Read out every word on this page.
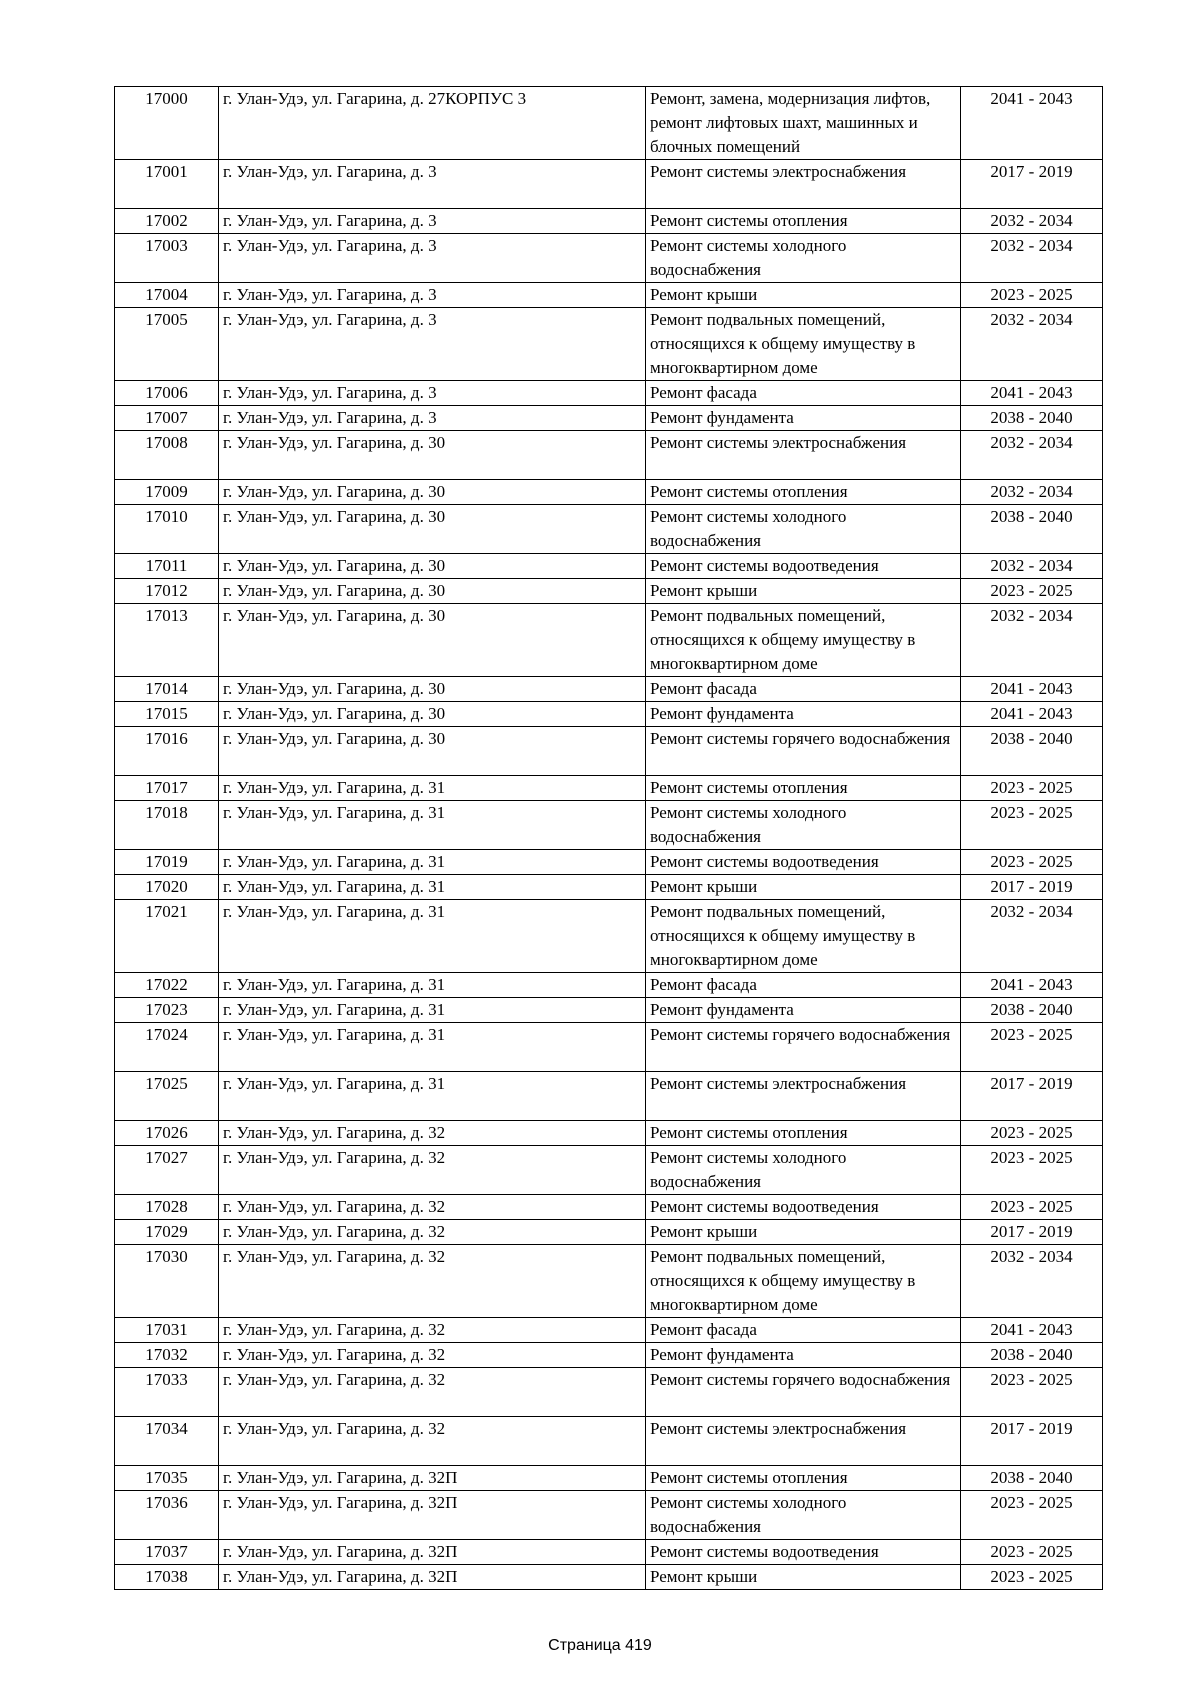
17000	г. Улан-Удэ, ул. Гагарина, д. 27КОРПУС 3	Ремонт, замена, модернизация лифтов, ремонт лифтовых шахт, машинных и блочных помещений	2041 - 2043
17001	г. Улан-Удэ, ул. Гагарина, д. 3	Ремонт системы электроснабжения	2017 - 2019
17002	г. Улан-Удэ, ул. Гагарина, д. 3	Ремонт системы отопления	2032 - 2034
17003	г. Улан-Удэ, ул. Гагарина, д. 3	Ремонт системы холодного водоснабжения	2032 - 2034
17004	г. Улан-Удэ, ул. Гагарина, д. 3	Ремонт крыши	2023 - 2025
17005	г. Улан-Удэ, ул. Гагарина, д. 3	Ремонт подвальных помещений, относящихся к общему имуществу в многоквартирном доме	2032 - 2034
17006	г. Улан-Удэ, ул. Гагарина, д. 3	Ремонт фасада	2041 - 2043
17007	г. Улан-Удэ, ул. Гагарина, д. 3	Ремонт фундамента	2038 - 2040
17008	г. Улан-Удэ, ул. Гагарина, д. 30	Ремонт системы электроснабжения	2032 - 2034
17009	г. Улан-Удэ, ул. Гагарина, д. 30	Ремонт системы отопления	2032 - 2034
17010	г. Улан-Удэ, ул. Гагарина, д. 30	Ремонт системы холодного водоснабжения	2038 - 2040
17011	г. Улан-Удэ, ул. Гагарина, д. 30	Ремонт системы водоотведения	2032 - 2034
17012	г. Улан-Удэ, ул. Гагарина, д. 30	Ремонт крыши	2023 - 2025
17013	г. Улан-Удэ, ул. Гагарина, д. 30	Ремонт подвальных помещений, относящихся к общему имуществу в многоквартирном доме	2032 - 2034
17014	г. Улан-Удэ, ул. Гагарина, д. 30	Ремонт фасада	2041 - 2043
17015	г. Улан-Удэ, ул. Гагарина, д. 30	Ремонт фундамента	2041 - 2043
17016	г. Улан-Удэ, ул. Гагарина, д. 30	Ремонт системы горячего водоснабжения	2038 - 2040
17017	г. Улан-Удэ, ул. Гагарина, д. 31	Ремонт системы отопления	2023 - 2025
17018	г. Улан-Удэ, ул. Гагарина, д. 31	Ремонт системы холодного водоснабжения	2023 - 2025
17019	г. Улан-Удэ, ул. Гагарина, д. 31	Ремонт системы водоотведения	2023 - 2025
17020	г. Улан-Удэ, ул. Гагарина, д. 31	Ремонт крыши	2017 - 2019
17021	г. Улан-Удэ, ул. Гагарина, д. 31	Ремонт подвальных помещений, относящихся к общему имуществу в многоквартирном доме	2032 - 2034
17022	г. Улан-Удэ, ул. Гагарина, д. 31	Ремонт фасада	2041 - 2043
17023	г. Улан-Удэ, ул. Гагарина, д. 31	Ремонт фундамента	2038 - 2040
17024	г. Улан-Удэ, ул. Гагарина, д. 31	Ремонт системы горячего водоснабжения	2023 - 2025
17025	г. Улан-Удэ, ул. Гагарина, д. 31	Ремонт системы электроснабжения	2017 - 2019
17026	г. Улан-Удэ, ул. Гагарина, д. 32	Ремонт системы отопления	2023 - 2025
17027	г. Улан-Удэ, ул. Гагарина, д. 32	Ремонт системы холодного водоснабжения	2023 - 2025
17028	г. Улан-Удэ, ул. Гагарина, д. 32	Ремонт системы водоотведения	2023 - 2025
17029	г. Улан-Удэ, ул. Гагарина, д. 32	Ремонт крыши	2017 - 2019
17030	г. Улан-Удэ, ул. Гагарина, д. 32	Ремонт подвальных помещений, относящихся к общему имуществу в многоквартирном доме	2032 - 2034
17031	г. Улан-Удэ, ул. Гагарина, д. 32	Ремонт фасада	2041 - 2043
17032	г. Улан-Удэ, ул. Гагарина, д. 32	Ремонт фундамента	2038 - 2040
17033	г. Улан-Удэ, ул. Гагарина, д. 32	Ремонт системы горячего водоснабжения	2023 - 2025
17034	г. Улан-Удэ, ул. Гагарина, д. 32	Ремонт системы электроснабжения	2017 - 2019
17035	г. Улан-Удэ, ул. Гагарина, д. 32П	Ремонт системы отопления	2038 - 2040
17036	г. Улан-Удэ, ул. Гагарина, д. 32П	Ремонт системы холодного водоснабжения	2023 - 2025
17037	г. Улан-Удэ, ул. Гагарина, д. 32П	Ремонт системы водоотведения	2023 - 2025
17038	г. Улан-Удэ, ул. Гагарина, д. 32П	Ремонт крыши	2023 - 2025
Страница 419
